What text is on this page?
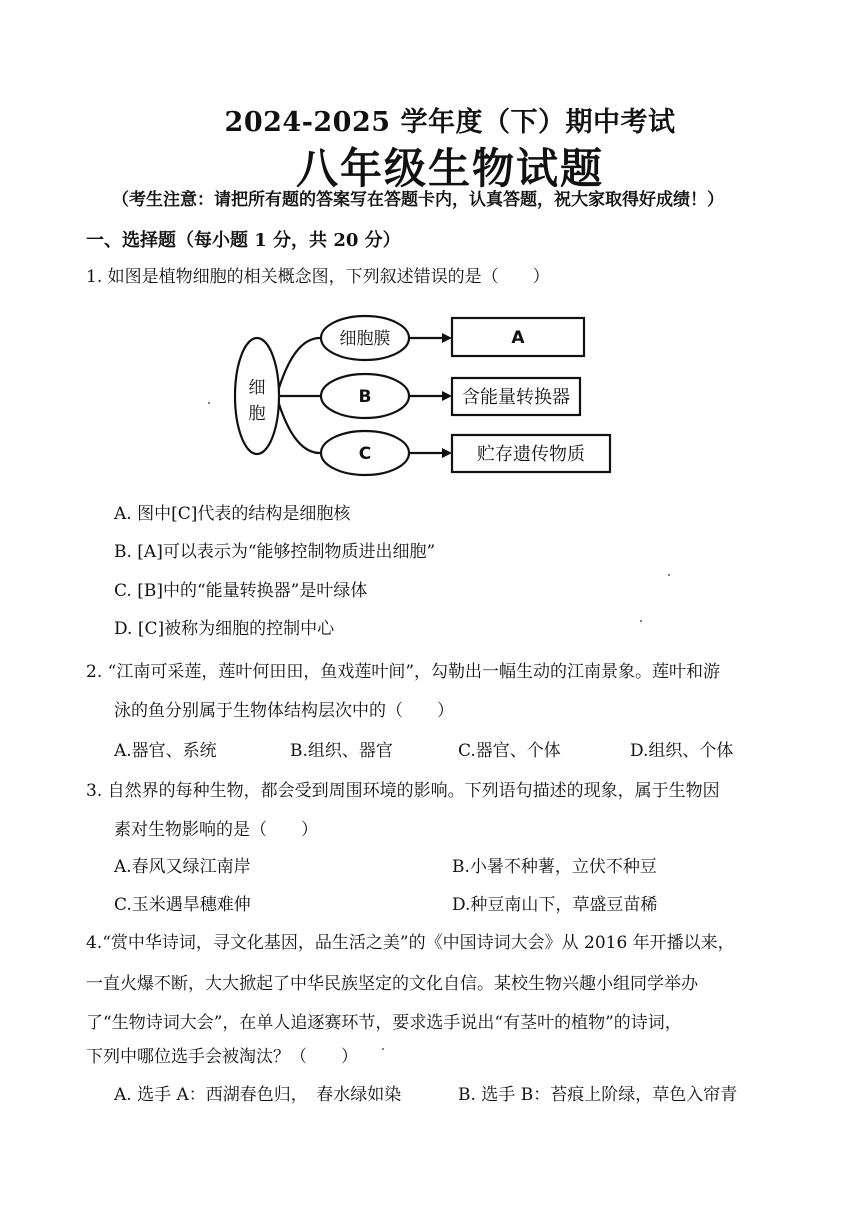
2024-2025 学年度（下）期中考试
八年级生物试题
（考生注意：请把所有题的答案写在答题卡内，认真答题，祝大家取得好成绩！）
一、选择题（每小题 1 分，共 20 分）
1. 如图是植物细胞的相关概念图，下列叙述错误的是（　　）
细
胞
细胞膜
B
C
A
含能量转换器
贮存遗传物质
A. 图中[C]代表的结构是细胞核
B. [A]可以表示为“能够控制物质进出细胞”
C. [B]中的“能量转换器”是叶绿体
D. [C]被称为细胞的控制中心
2. “江南可采莲，莲叶何田田，鱼戏莲叶间”，勾勒出一幅生动的江南景象。莲叶和游
泳的鱼分别属于生物体结构层次中的（　　）
A.器官、系统	B.组织、器官	C.器官、个体	D.组织、个体
3. 自然界的每种生物，都会受到周围环境的影响。下列语句描述的现象，属于生物因
素对生物影响的是（　　）
A.春风又绿江南岸	B.小暑不种薯，立伏不种豆
C.玉米遇旱穗难伸	D.种豆南山下，草盛豆苗稀
4.“赏中华诗词，寻文化基因，品生活之美”的《中国诗词大会》从 2016 年开播以来，
一直火爆不断，大大掀起了中华民族坚定的文化自信。某校生物兴趣小组同学举办
了“生物诗词大会”，在单人追逐赛环节，要求选手说出“有茎叶的植物”的诗词，
下列中哪位选手会被淘汰？（　　）
A. 选手 A：西湖春色归，　春水绿如染	B. 选手 B：苔痕上阶绿，草色入帘青
